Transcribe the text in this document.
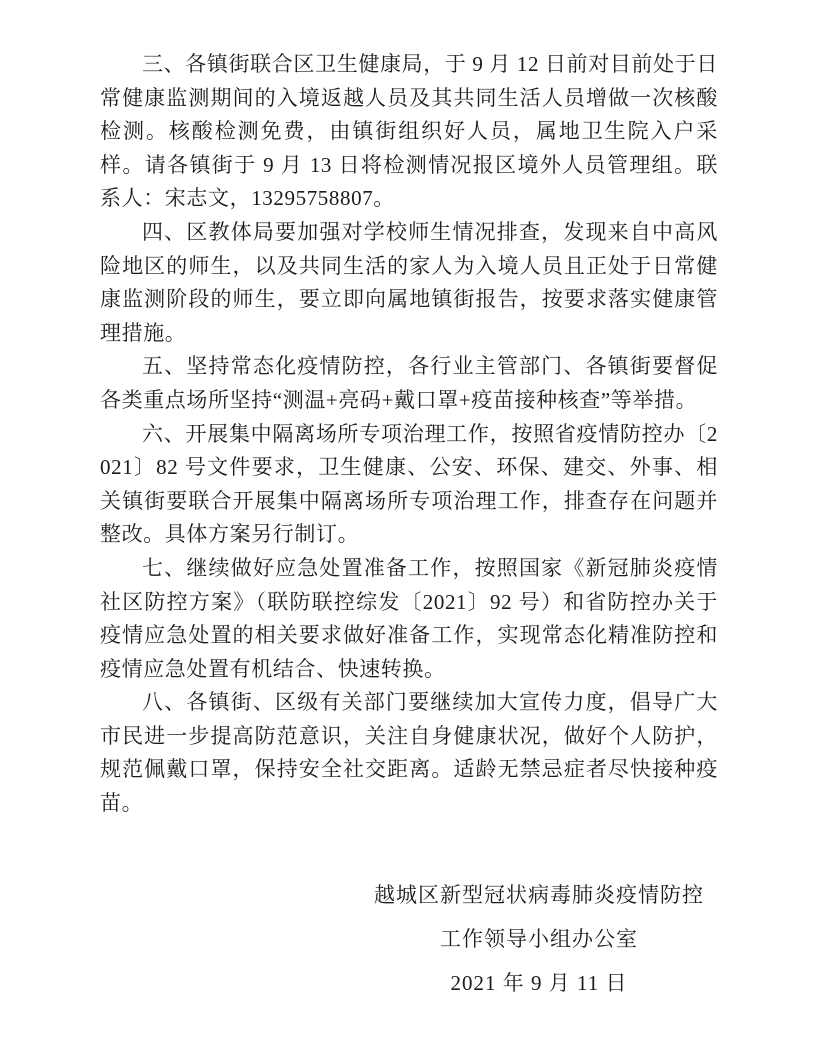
三、各镇街联合区卫生健康局，于 9 月 12 日前对目前处于日常健康监测期间的入境返越人员及其共同生活人员增做一次核酸检测。核酸检测免费，由镇街组织好人员，属地卫生院入户采样。请各镇街于 9 月 13 日将检测情况报区境外人员管理组。联系人：宋志文，13295758807。

四、区教体局要加强对学校师生情况排查，发现来自中高风险地区的师生，以及共同生活的家人为入境人员且正处于日常健康监测阶段的师生，要立即向属地镇街报告，按要求落实健康管理措施。

五、坚持常态化疫情防控，各行业主管部门、各镇街要督促各类重点场所坚持“测温+亮码+戴口罩+疫苗接种核查”等举措。

六、开展集中隔离场所专项治理工作，按照省疫情防控办〔2021〕82 号文件要求，卫生健康、公安、环保、建交、外事、相关镇街要联合开展集中隔离场所专项治理工作，排查存在问题并整改。具体方案另行制订。

七、继续做好应急处置准备工作，按照国家《新冠肺炎疫情社区防控方案》（联防联控综发〔2021〕92 号）和省防控办关于疫情应急处置的相关要求做好准备工作，实现常态化精准防控和疫情应急处置有机结合、快速转换。

八、各镇街、区级有关部门要继续加大宣传力度，倡导广大市民进一步提高防范意识，关注自身健康状况，做好个人防护，规范佩戴口罩，保持安全社交距离。适龄无禁忌症者尽快接种疫苗。

越城区新型冠状病毒肺炎疫情防控
工作领导小组办公室
2021 年 9 月 11 日
